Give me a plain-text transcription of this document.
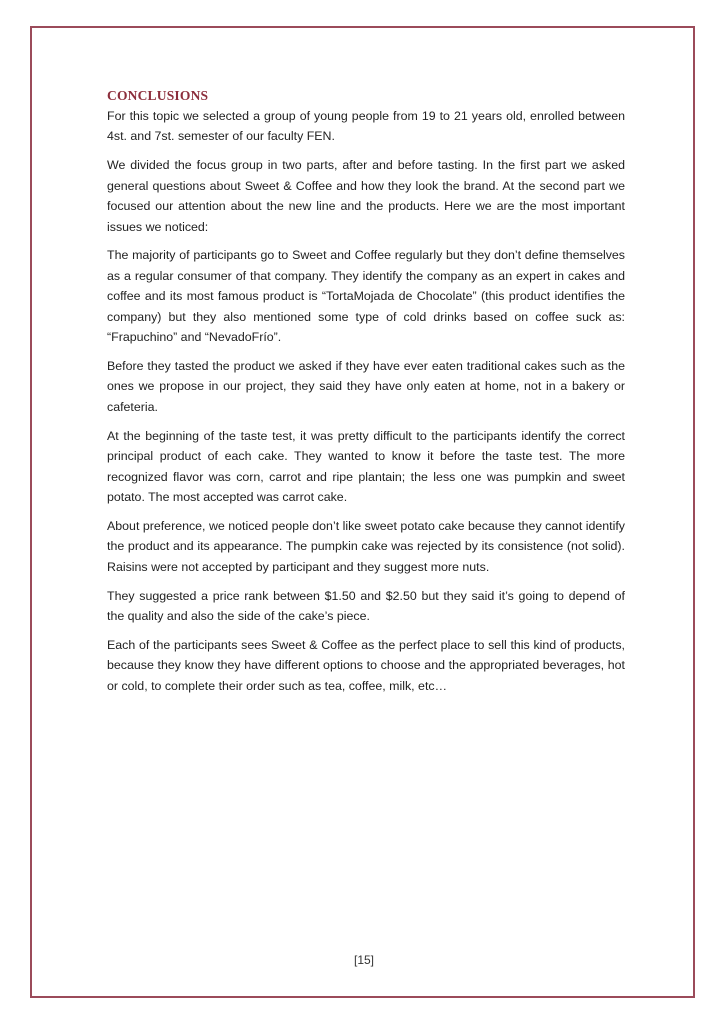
CONCLUSIONS

For this topic we selected a group of young people from 19 to 21 years old, enrolled between 4st. and 7st. semester of our faculty FEN.

We divided the focus group in two parts, after and before tasting. In the first part we asked general questions about Sweet & Coffee and how they look the brand. At the second part we focused our attention about the new line and the products. Here we are the most important issues we noticed:

The majority of participants go to Sweet and Coffee regularly but they don’t define themselves as a regular consumer of that company. They identify the company as an expert in cakes and coffee and its most famous product is “TortaMojada de Chocolate” (this product identifies the company) but they also mentioned some type of cold drinks based on coffee suck as: “Frapuchino” and “NevadoFrío”.

Before they tasted the product we asked if they have ever eaten traditional cakes such as the ones we propose in our project, they said they have only eaten at home, not in a bakery or cafeteria.

At the beginning of the taste test, it was pretty difficult to the participants identify the correct principal product of each cake. They wanted to know it before the taste test. The more recognized flavor was corn, carrot and ripe plantain; the less one was pumpkin and sweet potato. The most accepted was carrot cake.

About preference, we noticed people don’t like sweet potato cake because they cannot identify the product and its appearance. The pumpkin cake was rejected by its consistence (not solid). Raisins were not accepted by participant and they suggest more nuts.

They suggested a price rank between $1.50 and $2.50 but they said it’s going to depend of the quality and also the side of the cake’s piece.

Each of the participants sees Sweet & Coffee as the perfect place to sell this kind of products, because they know they have different options to choose and the appropriated beverages, hot or cold, to complete their order such as tea, coffee, milk, etc…

[15]
